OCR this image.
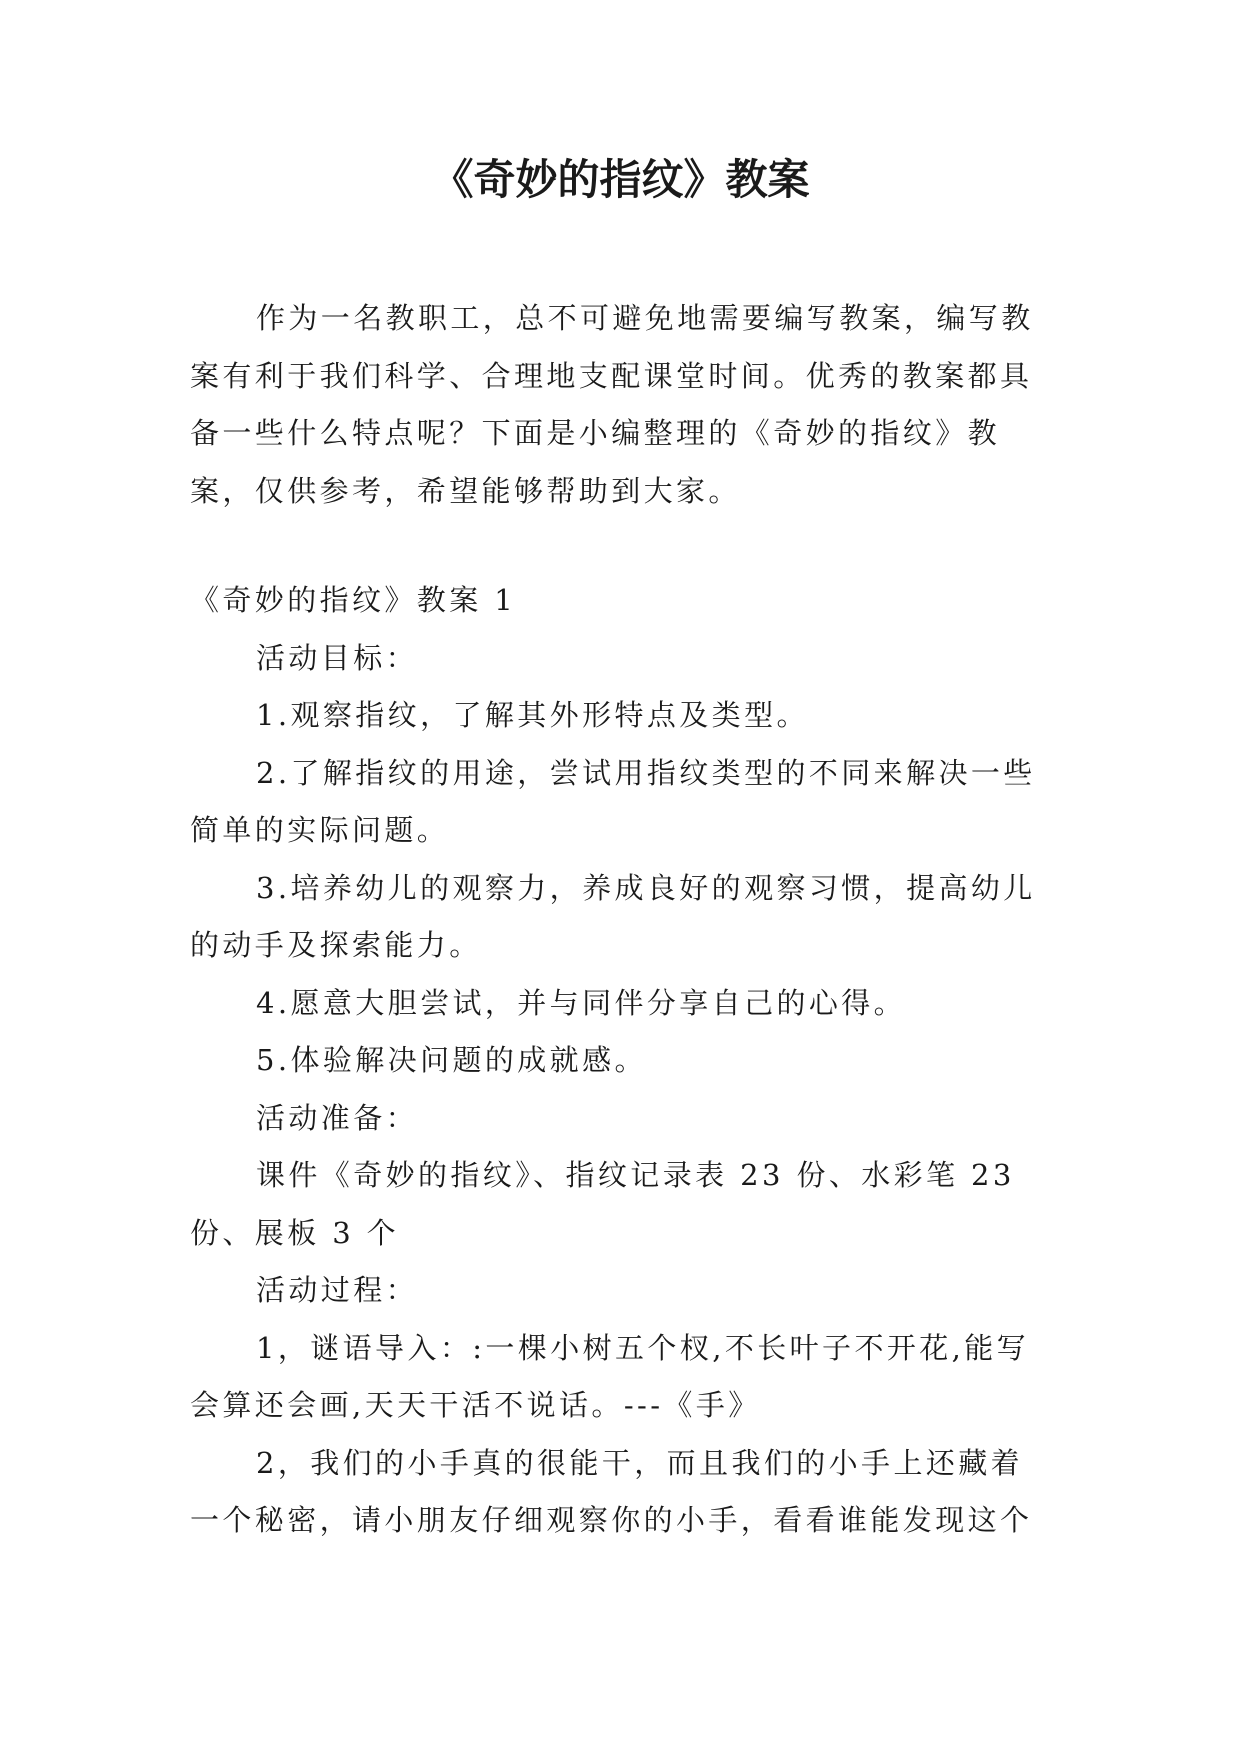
《奇妙的指纹》教案

作为一名教职工，总不可避免地需要编写教案，编写教案有利于我们科学、合理地支配课堂时间。优秀的教案都具备一些什么特点呢？下面是小编整理的《奇妙的指纹》教案，仅供参考，希望能够帮助到大家。

《奇妙的指纹》教案 1

活动目标：

1.观察指纹，了解其外形特点及类型。

2.了解指纹的用途，尝试用指纹类型的不同来解决一些简单的实际问题。

3.培养幼儿的观察力，养成良好的观察习惯，提高幼儿的动手及探索能力。

4.愿意大胆尝试，并与同伴分享自己的心得。

5.体验解决问题的成就感。

活动准备：

课件《奇妙的指纹》、指纹记录表 23 份、水彩笔 23 份、展板 3 个

活动过程：

1，谜语导入：:一棵小树五个杈,不长叶子不开花,能写会算还会画,天天干活不说话。---《手》

2，我们的小手真的很能干，而且我们的小手上还藏着一个秘密，请小朋友仔细观察你的小手，看看谁能发现这个
